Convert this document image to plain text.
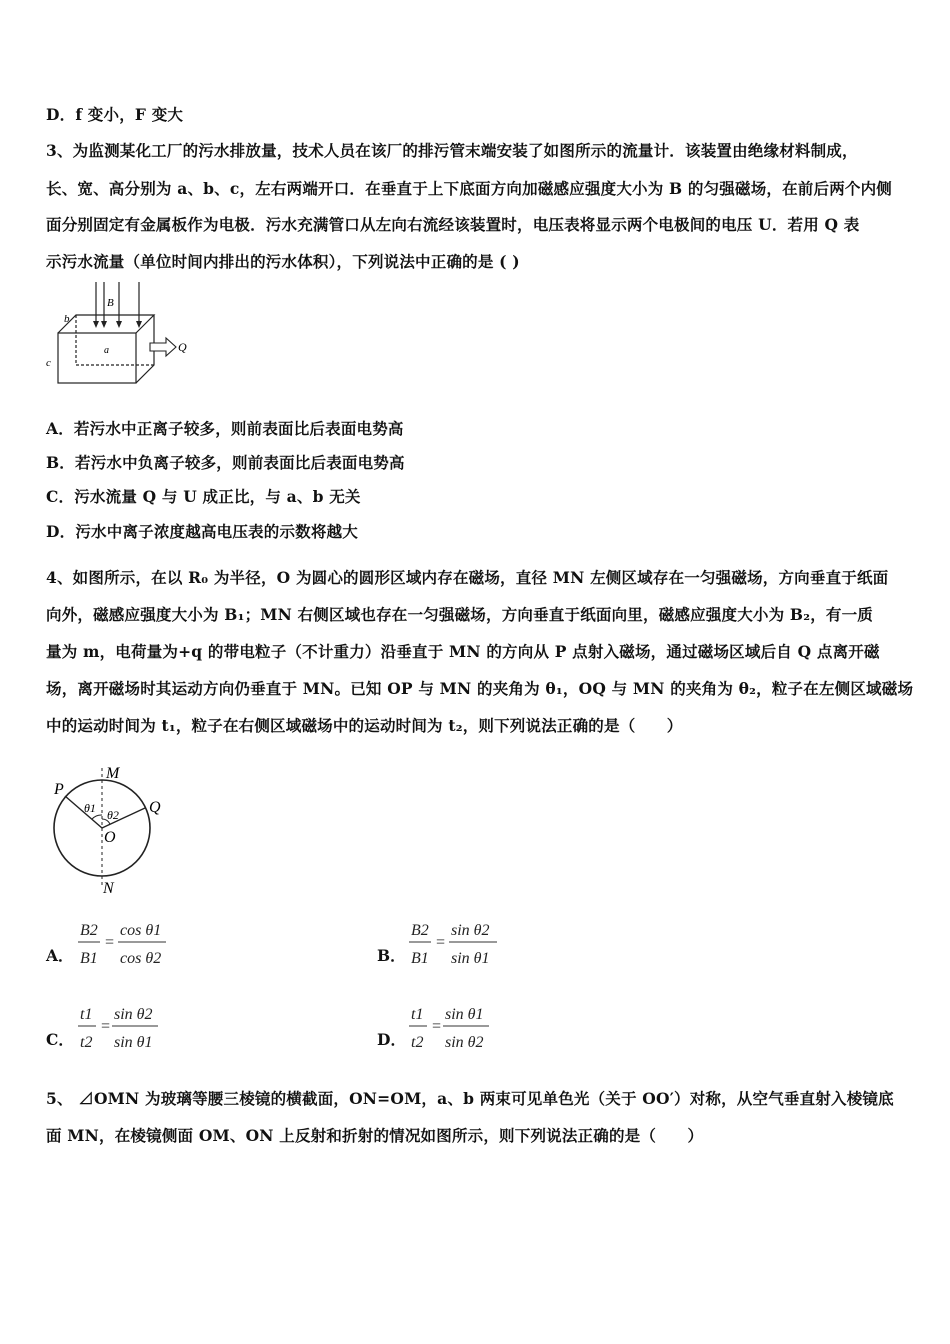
D．f 变小，F 变大
3、为监测某化工厂的污水排放量，技术人员在该厂的排污管末端安装了如图所示的流量计．该装置由绝缘材料制成，
长、宽、高分别为 a、b、c，左右两端开口．在垂直于上下底面方向加磁感应强度大小为 B 的匀强磁场，在前后两个内侧
面分别固定有金属板作为电极．污水充满管口从左向右流经该装置时，电压表将显示两个电极间的电压 U．若用 Q 表
示污水流量（单位时间内排出的污水体积），下列说法中正确的是 ( )
b
B
a
c
Q
A．若污水中正离子较多，则前表面比后表面电势高
B．若污水中负离子较多，则前表面比后表面电势高
C．污水流量 Q 与 U 成正比，与 a、b 无关
D．污水中离子浓度越高电压表的示数将越大
4、如图所示，在以 R₀ 为半径，O 为圆心的圆形区域内存在磁场，直径 MN 左侧区域存在一匀强磁场，方向垂直于纸面
向外，磁感应强度大小为 B₁；MN 右侧区域也存在一匀强磁场，方向垂直于纸面向里，磁感应强度大小为 B₂，有一质
量为 m，电荷量为+q 的带电粒子（不计重力）沿垂直于 MN 的方向从 P 点射入磁场，通过磁场区域后自 Q 点离开磁
场，离开磁场时其运动方向仍垂直于 MN。已知 OP 与 MN 的夹角为 θ₁，OQ 与 MN 的夹角为 θ₂，粒子在左侧区域磁场
中的运动时间为 t₁，粒子在右侧区域磁场中的运动时间为 t₂，则下列说法正确的是（　　）
M
N
P
Q
O
θ1 θ2
A．
B2
B1
=
cos θ1
cos θ2	B．
B2
B1
=
sin θ2
sin θ1
C．
t1
t2
=
sin θ2
sin θ1	D．
t1
t2
=
sin θ1
sin θ2
5、 ⊿OMN 为玻璃等腰三棱镜的横截面，ON=OM，a、b 两束可见单色光（关于 OO′）对称，从空气垂直射入棱镜底
面 MN，在棱镜侧面 OM、ON 上反射和折射的情况如图所示，则下列说法正确的是（　　）
